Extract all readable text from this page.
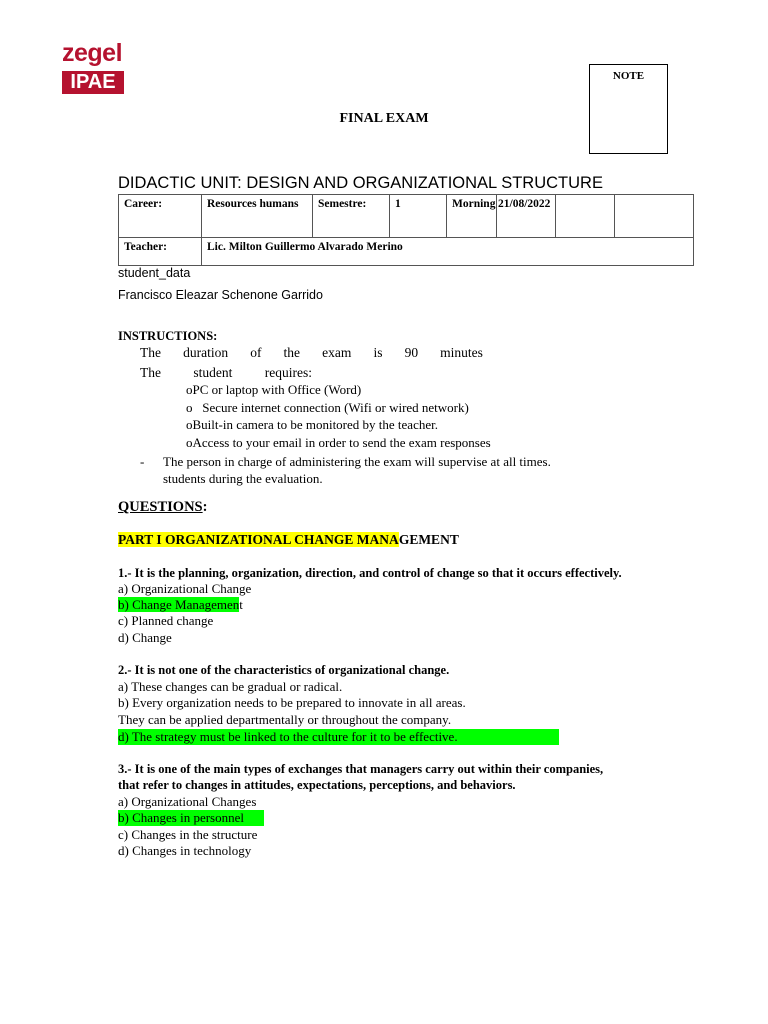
zegel
IPAE	NOTE
FINAL EXAM
DIDACTIC UNIT: DESIGN AND ORGANIZATIONAL STRUCTURE
Career:	Resources humans	Semestre:	1	Morning	21/08/2022		
Teacher:	Lic. Milton Guillermo Alvarado Merino						
student_data
Francisco Eleazar Schenone Garrido
INSTRUCTIONS:
The duration of the exam is 90 minutes
The student requires:
oPC or laptop with Office (Word)
o   Secure internet connection (Wifi or wired network)
oBuilt-in camera to be monitored by the teacher.
oAccess to your email in order to send the exam responses
- The person in charge of administering the exam will supervise at all times.
students during the evaluation.
QUESTIONS:
PART I ORGANIZATIONAL CHANGE MANAGEMENT
1.- It is the planning, organization, direction, and control of change so that it occurs effectively.
a) Organizational Change
b) Change Management
c) Planned change
d) Change
2.- It is not one of the characteristics of organizational change.
a) These changes can be gradual or radical.
b) Every organization needs to be prepared to innovate in all areas.
They can be applied departmentally or throughout the company.
d) The strategy must be linked to the culture for it to be effective.
3.- It is one of the main types of exchanges that managers carry out within their companies,
that refer to changes in attitudes, expectations, perceptions, and behaviors.
a) Organizational Changes
b) Changes in personnel
c) Changes in the structure
d) Changes in technology
